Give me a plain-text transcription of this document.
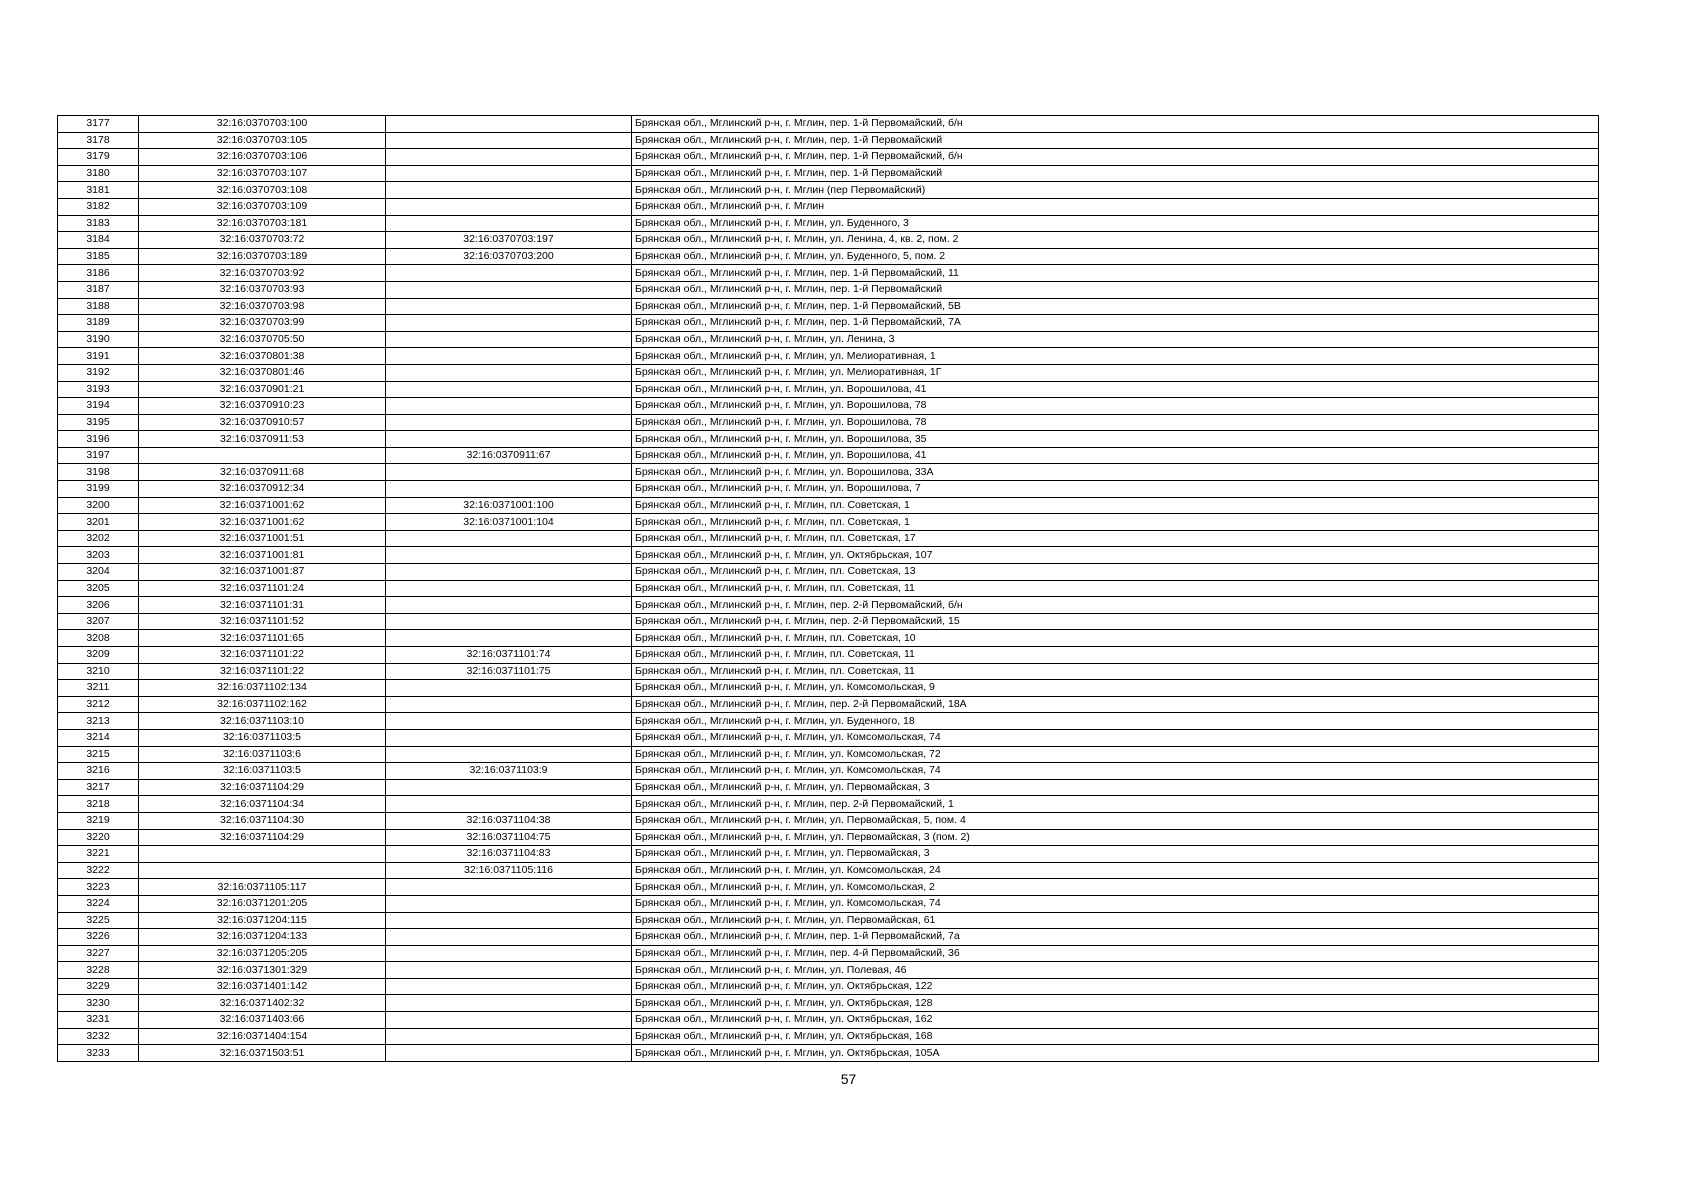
3177	32:16:0370703:100		Брянская обл., Мглинский р-н, г. Мглин, пер. 1-й Первомайский, б/н
3178	32:16:0370703:105		Брянская обл., Мглинский р-н, г. Мглин, пер. 1-й Первомайский
3179	32:16:0370703:106		Брянская обл., Мглинский р-н, г. Мглин, пер. 1-й Первомайский, б/н
3180	32:16:0370703:107		Брянская обл., Мглинский р-н, г. Мглин, пер. 1-й Первомайский
3181	32:16:0370703:108		Брянская обл., Мглинский р-н, г. Мглин (пер Первомайский)
3182	32:16:0370703:109		Брянская обл., Мглинский р-н, г. Мглин
3183	32:16:0370703:181		Брянская обл., Мглинский р-н, г. Мглин, ул. Буденного, 3
3184	32:16:0370703:72	32:16:0370703:197	Брянская обл., Мглинский р-н, г. Мглин, ул. Ленина, 4, кв. 2, пом. 2
3185	32:16:0370703:189	32:16:0370703:200	Брянская обл., Мглинский р-н, г. Мглин, ул. Буденного, 5, пом. 2
3186	32:16:0370703:92		Брянская обл., Мглинский р-н, г. Мглин, пер. 1-й Первомайский, 11
3187	32:16:0370703:93		Брянская обл., Мглинский р-н, г. Мглин, пер. 1-й Первомайский
3188	32:16:0370703:98		Брянская обл., Мглинский р-н, г. Мглин, пер. 1-й Первомайский, 5В
3189	32:16:0370703:99		Брянская обл., Мглинский р-н, г. Мглин, пер. 1-й Первомайский, 7А
3190	32:16:0370705:50		Брянская обл., Мглинский р-н, г. Мглин, ул. Ленина, 3
3191	32:16:0370801:38		Брянская обл., Мглинский р-н, г. Мглин, ул. Мелиоративная, 1
3192	32:16:0370801:46		Брянская обл., Мглинский р-н, г. Мглин, ул. Мелиоративная, 1Г
3193	32:16:0370901:21		Брянская обл., Мглинский р-н, г. Мглин, ул. Ворошилова, 41
3194	32:16:0370910:23		Брянская обл., Мглинский р-н, г. Мглин, ул. Ворошилова, 78
3195	32:16:0370910:57		Брянская обл., Мглинский р-н, г. Мглин, ул. Ворошилова, 78
3196	32:16:0370911:53		Брянская обл., Мглинский р-н, г. Мглин, ул. Ворошилова, 35
3197		32:16:0370911:67	Брянская обл., Мглинский р-н, г. Мглин, ул. Ворошилова, 41
3198	32:16:0370911:68		Брянская обл., Мглинский р-н, г. Мглин, ул. Ворошилова, 33А
3199	32:16:0370912:34		Брянская обл., Мглинский р-н, г. Мглин, ул. Ворошилова, 7
3200	32:16:0371001:62	32:16:0371001:100	Брянская обл., Мглинский р-н, г. Мглин, пл. Советская, 1
3201	32:16:0371001:62	32:16:0371001:104	Брянская обл., Мглинский р-н, г. Мглин, пл. Советская, 1
3202	32:16:0371001:51		Брянская обл., Мглинский р-н, г. Мглин, пл. Советская, 17
3203	32:16:0371001:81		Брянская обл., Мглинский р-н, г. Мглин, ул. Октябрьская, 107
3204	32:16:0371001:87		Брянская обл., Мглинский р-н, г. Мглин, пл. Советская, 13
3205	32:16:0371101:24		Брянская обл., Мглинский р-н, г. Мглин, пл. Советская, 11
3206	32:16:0371101:31		Брянская обл., Мглинский р-н, г. Мглин, пер. 2-й Первомайский, б/н
3207	32:16:0371101:52		Брянская обл., Мглинский р-н, г. Мглин, пер. 2-й Первомайский, 15
3208	32:16:0371101:65		Брянская обл., Мглинский р-н, г. Мглин, пл. Советская, 10
3209	32:16:0371101:22	32:16:0371101:74	Брянская обл., Мглинский р-н, г. Мглин, пл. Советская, 11
3210	32:16:0371101:22	32:16:0371101:75	Брянская обл., Мглинский р-н, г. Мглин, пл. Советская, 11
3211	32:16:0371102:134		Брянская обл., Мглинский р-н, г. Мглин, ул. Комсомольская, 9
3212	32:16:0371102:162		Брянская обл., Мглинский р-н, г. Мглин, пер. 2-й Первомайский, 18А
3213	32:16:0371103:10		Брянская обл., Мглинский р-н, г. Мглин, ул. Буденного, 18
3214	32:16:0371103:5		Брянская обл., Мглинский р-н, г. Мглин, ул. Комсомольская, 74
3215	32:16:0371103:6		Брянская обл., Мглинский р-н, г. Мглин, ул. Комсомольская, 72
3216	32:16:0371103:5	32:16:0371103:9	Брянская обл., Мглинский р-н, г. Мглин, ул. Комсомольская, 74
3217	32:16:0371104:29		Брянская обл., Мглинский р-н, г. Мглин, ул. Первомайская, 3
3218	32:16:0371104:34		Брянская обл., Мглинский р-н, г. Мглин, пер. 2-й Первомайский, 1
3219	32:16:0371104:30	32:16:0371104:38	Брянская обл., Мглинский р-н, г. Мглин, ул. Первомайская, 5, пом. 4
3220	32:16:0371104:29	32:16:0371104:75	Брянская обл., Мглинский р-н, г. Мглин, ул. Первомайская, 3 (пом. 2)
3221		32:16:0371104:83	Брянская обл., Мглинский р-н, г. Мглин, ул. Первомайская, 3
3222		32:16:0371105:116	Брянская обл., Мглинский р-н, г. Мглин, ул. Комсомольская, 24
3223	32:16:0371105:117		Брянская обл., Мглинский р-н, г. Мглин, ул. Комсомольская, 2
3224	32:16:0371201:205		Брянская обл., Мглинский р-н, г. Мглин, ул. Комсомольская, 74
3225	32:16:0371204:115		Брянская обл., Мглинский р-н, г. Мглин, ул. Первомайская, 61
3226	32:16:0371204:133		Брянская обл., Мглинский р-н, г. Мглин, пер. 1-й Первомайский, 7а
3227	32:16:0371205:205		Брянская обл., Мглинский р-н, г. Мглин, пер. 4-й Первомайский, 36
3228	32:16:0371301:329		Брянская обл., Мглинский р-н, г. Мглин, ул. Полевая, 46
3229	32:16:0371401:142		Брянская обл., Мглинский р-н, г. Мглин, ул. Октябрьская, 122
3230	32:16:0371402:32		Брянская обл., Мглинский р-н, г. Мглин, ул. Октябрьская, 128
3231	32:16:0371403:66		Брянская обл., Мглинский р-н, г. Мглин, ул. Октябрьская, 162
3232	32:16:0371404:154		Брянская обл., Мглинский р-н, г. Мглин, ул. Октябрьская, 168
3233	32:16:0371503:51		Брянская обл., Мглинский р-н, г. Мглин, ул. Октябрьская, 105А
57
